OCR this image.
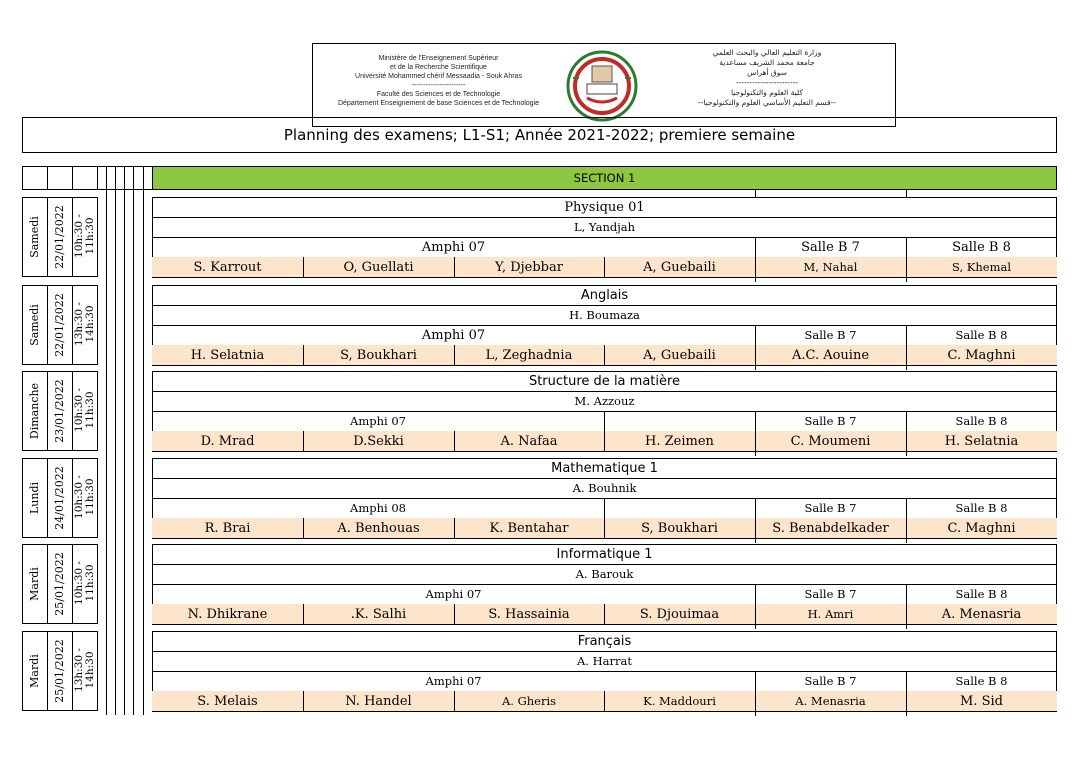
Ministère de l'Enseignement Supérieur
et de la Recherche Scientifique
Université Mohammed chérif Messaadia - Souk Ahras
-----------------------
Faculté des Sciences et de Technologie
Département Enseignement de base Sciences et de Technologie
وزارة التعليم العالي والبحث العلمي
جامعة محمد الشريف مساعدية
سوق أهراس
-----------------------
كلية العلوم والتكنولوجيا
--قسم التعليم الأساسي العلوم والتكنولوجيا--
Planning des examens; L1-S1; Année 2021-2022; premiere semaine
SECTION 1
Samedi 22/01/2022 10h:30 - 11h:30
Physique 01
L, Yandjah
Amphi 07	Salle B 7	Salle B 8
S. Karrout	O, Guellati	Y, Djebbar	A, Guebaili	M, Nahal	S, Khemal
Samedi 22/01/2022 13h:30 - 14h:30
Anglais
H. Boumaza
Amphi 07	Salle B 7	Salle B 8
H. Selatnia	S, Boukhari	L, Zeghadnia	A, Guebaili	A.C. Aouine	C. Maghni
Dimanche 23/01/2022 10h:30 - 11h:30
Structure de la matière
M. Azzouz
Amphi 07	Salle B 7	Salle B 8
D. Mrad	D.Sekki	A. Nafaa	H. Zeimen	C. Moumeni	H. Selatnia
Lundi 24/01/2022 10h:30 - 11h:30
Mathematique 1
A. Bouhnik
Amphi 08	Salle B 7	Salle B 8
R. Brai	A. Benhouas	K. Bentahar	S, Boukhari	S. Benabdelkader	C. Maghni
Mardi 25/01/2022 10h:30 - 11h:30
Informatique 1
A. Barouk
Amphi 07	Salle B 7	Salle B 8
N. Dhikrane	.K. Salhi	S. Hassainia	S. Djouimaa	H. Amri	A. Menasria
Mardi 25/01/2022 13h:30 - 14h:30
Français
A. Harrat
Amphi 07	Salle B 7	Salle B 8
S. Melais	N. Handel	A. Gheris	K. Maddouri	A. Menasria	M. Sid
